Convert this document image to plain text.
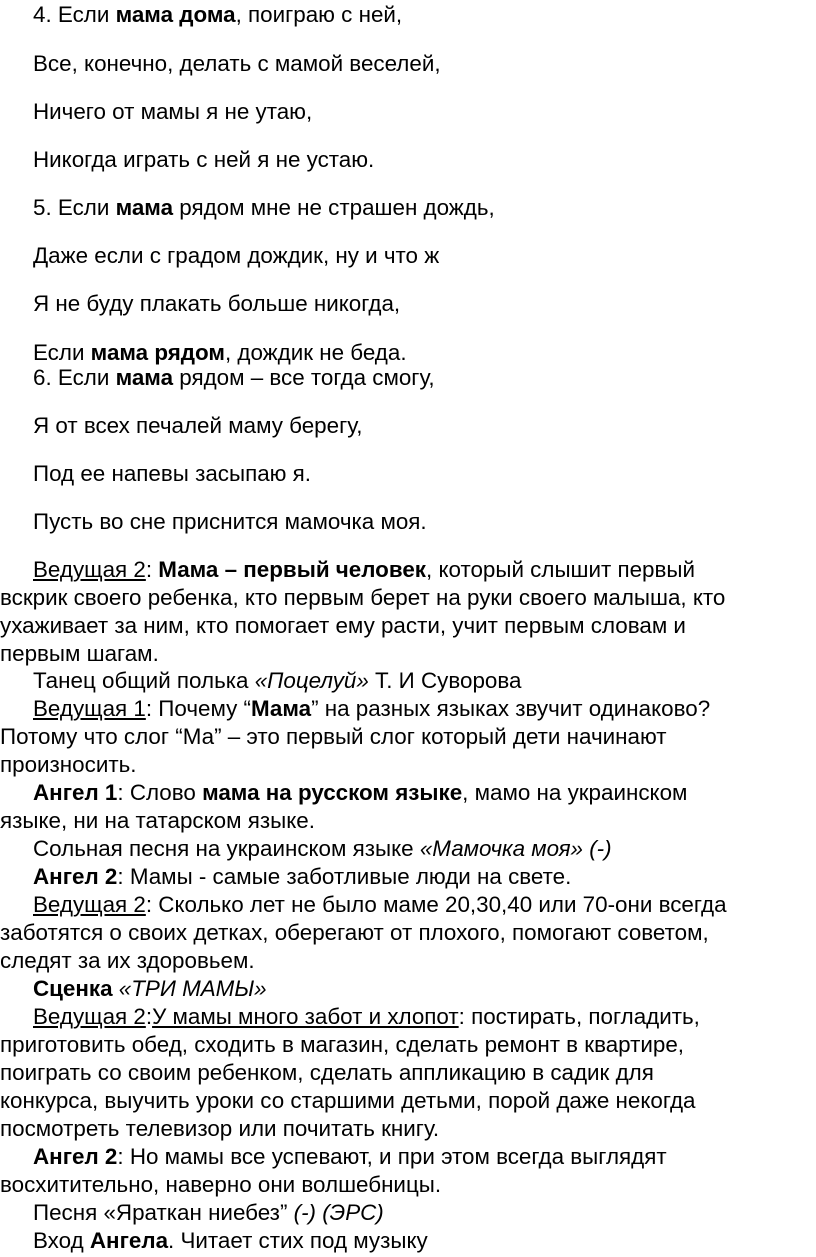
4. Если мама дома, поиграю с ней,
Все, конечно, делать с мамой веселей,
Ничего от мамы я не утаю,
Никогда играть с ней я не устаю.
5. Если мама рядом мне не страшен дождь,
Даже если с градом дождик, ну и что ж
Я не буду плакать больше никогда,
Если мама рядом, дождик не беда.
6. Если мама рядом – все тогда смогу,
Я от всех печалей маму берегу,
Под ее напевы засыпаю я.
Пусть во сне приснится мамочка моя.
Ведущая 2: Мама – первый человек, который слышит первый
вскрик своего ребенка, кто первым берет на руки своего малыша, кто
ухаживает за ним, кто помогает ему расти, учит первым словам и
первым шагам.
Танец общий полька «Поцелуй» Т. И Суворова
Ведущая 1: Почему “Мама” на разных языках звучит одинаково?
Потому что слог “Ма” – это первый слог который дети начинают
произносить.
Ангел 1: Слово мама на русском языке, мамо на украинском
языке, ни на татарском языке.
Сольная песня на украинском языке «Мамочка моя» (-)
Ангел 2: Мамы - самые заботливые люди на свете.
Ведущая 2: Сколько лет не было маме 20,30,40 или 70-они всегда
заботятся о своих детках, оберегают от плохого, помогают советом,
следят за их здоровьем.
Сценка «ТРИ МАМЫ»
Ведущая 2:У мамы много забот и хлопот: постирать, погладить,
приготовить обед, сходить в магазин, сделать ремонт в квартире,
поиграть со своим ребенком, сделать аппликацию в садик для
конкурса, выучить уроки со старшими детьми, порой даже некогда
посмотреть телевизор или почитать книгу.
Ангел 2: Но мамы все успевают, и при этом всегда выглядят
восхитительно, наверно они волшебницы.
Песня «Яраткан ниебез” (-) (ЭРС)
Вход Ангела. Читает стих под музыку
